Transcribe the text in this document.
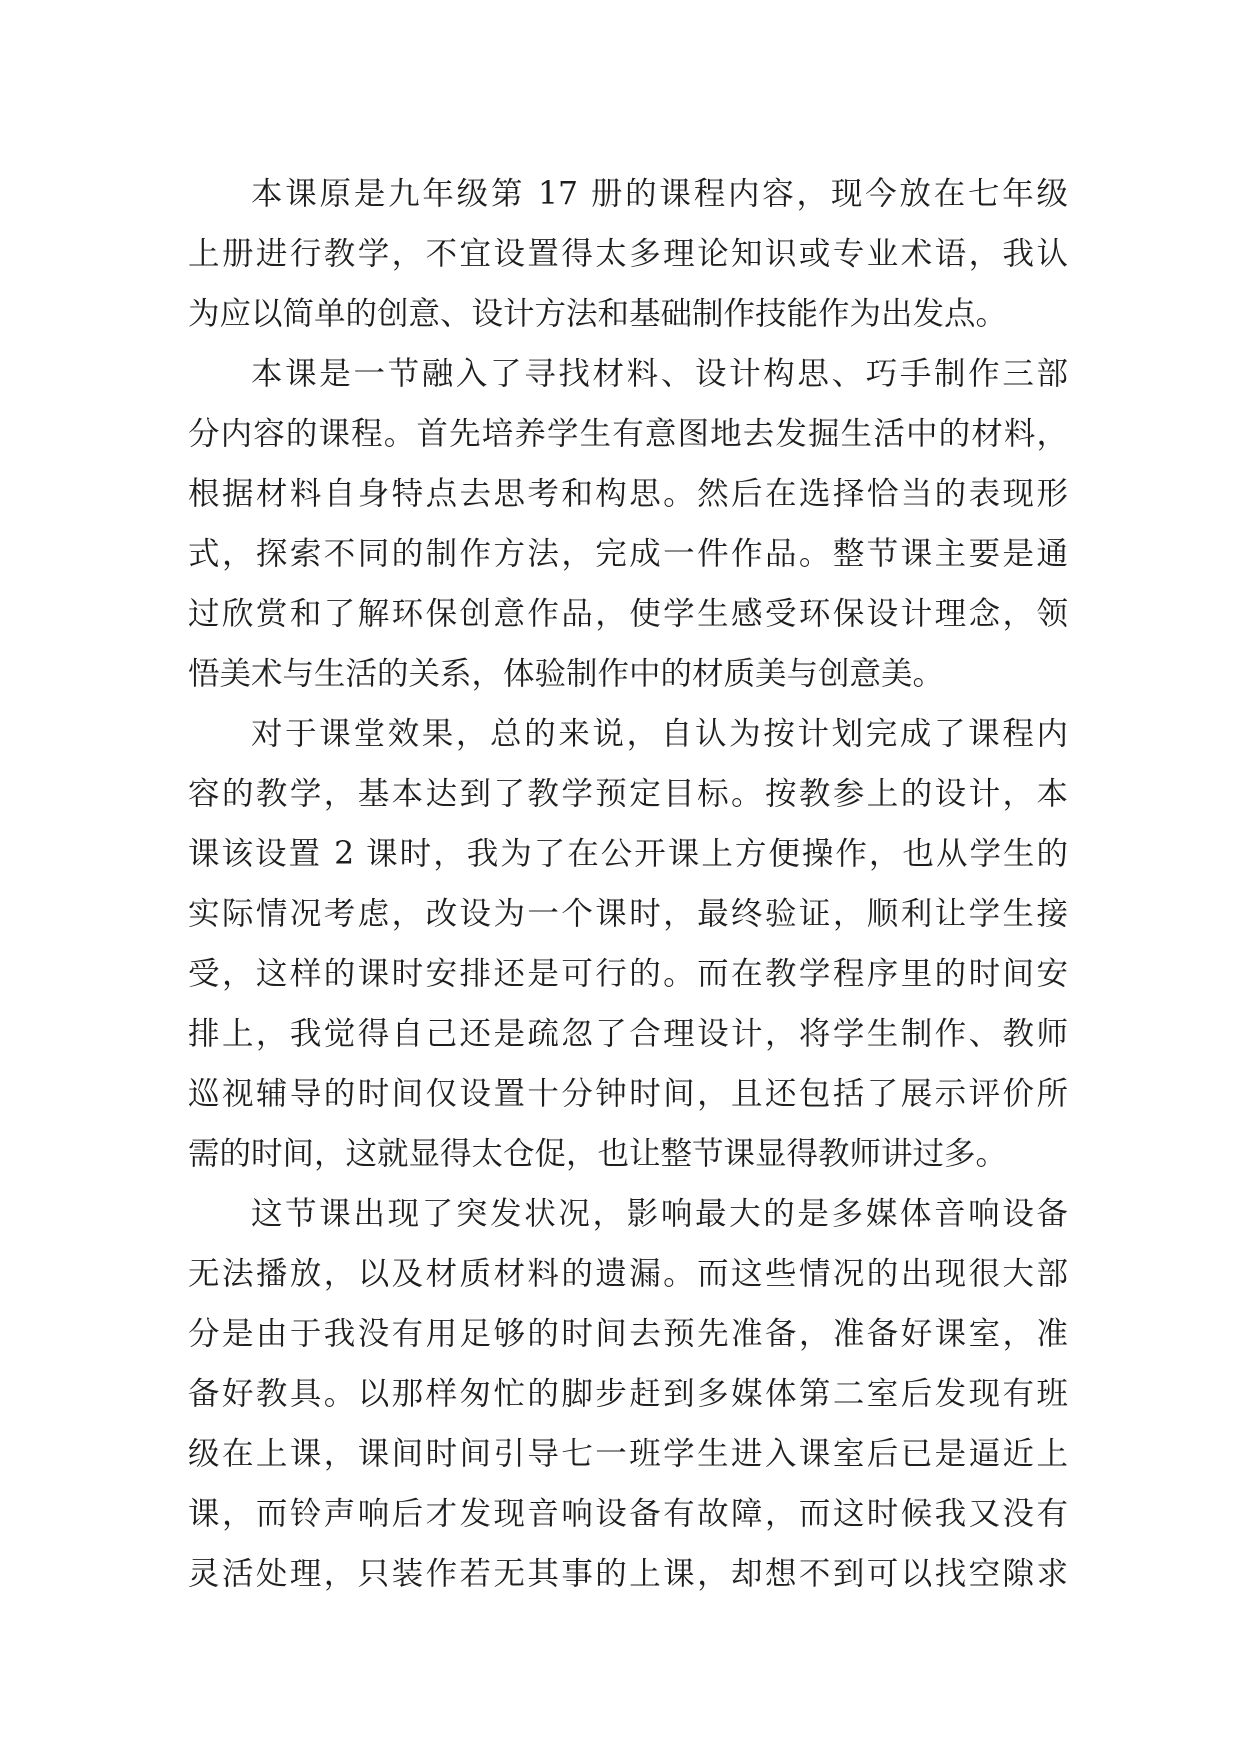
本课原是九年级第 17 册的课程内容，现今放在七年级
上册进行教学，不宜设置得太多理论知识或专业术语，我认
为应以简单的创意、设计方法和基础制作技能作为出发点。
本课是一节融入了寻找材料、设计构思、巧手制作三部
分内容的课程。首先培养学生有意图地去发掘生活中的材料，
根据材料自身特点去思考和构思。然后在选择恰当的表现形
式，探索不同的制作方法，完成一件作品。整节课主要是通
过欣赏和了解环保创意作品，使学生感受环保设计理念，领
悟美术与生活的关系，体验制作中的材质美与创意美。
对于课堂效果，总的来说，自认为按计划完成了课程内
容的教学，基本达到了教学预定目标。按教参上的设计，本
课该设置 2 课时，我为了在公开课上方便操作，也从学生的
实际情况考虑，改设为一个课时，最终验证，顺利让学生接
受，这样的课时安排还是可行的。而在教学程序里的时间安
排上，我觉得自己还是疏忽了合理设计，将学生制作、教师
巡视辅导的时间仅设置十分钟时间，且还包括了展示评价所
需的时间，这就显得太仓促，也让整节课显得教师讲过多。
这节课出现了突发状况，影响最大的是多媒体音响设备
无法播放，以及材质材料的遗漏。而这些情况的出现很大部
分是由于我没有用足够的时间去预先准备，准备好课室，准
备好教具。以那样匆忙的脚步赶到多媒体第二室后发现有班
级在上课，课间时间引导七一班学生进入课室后已是逼近上
课，而铃声响后才发现音响设备有故障，而这时候我又没有
灵活处理，只装作若无其事的上课，却想不到可以找空隙求
